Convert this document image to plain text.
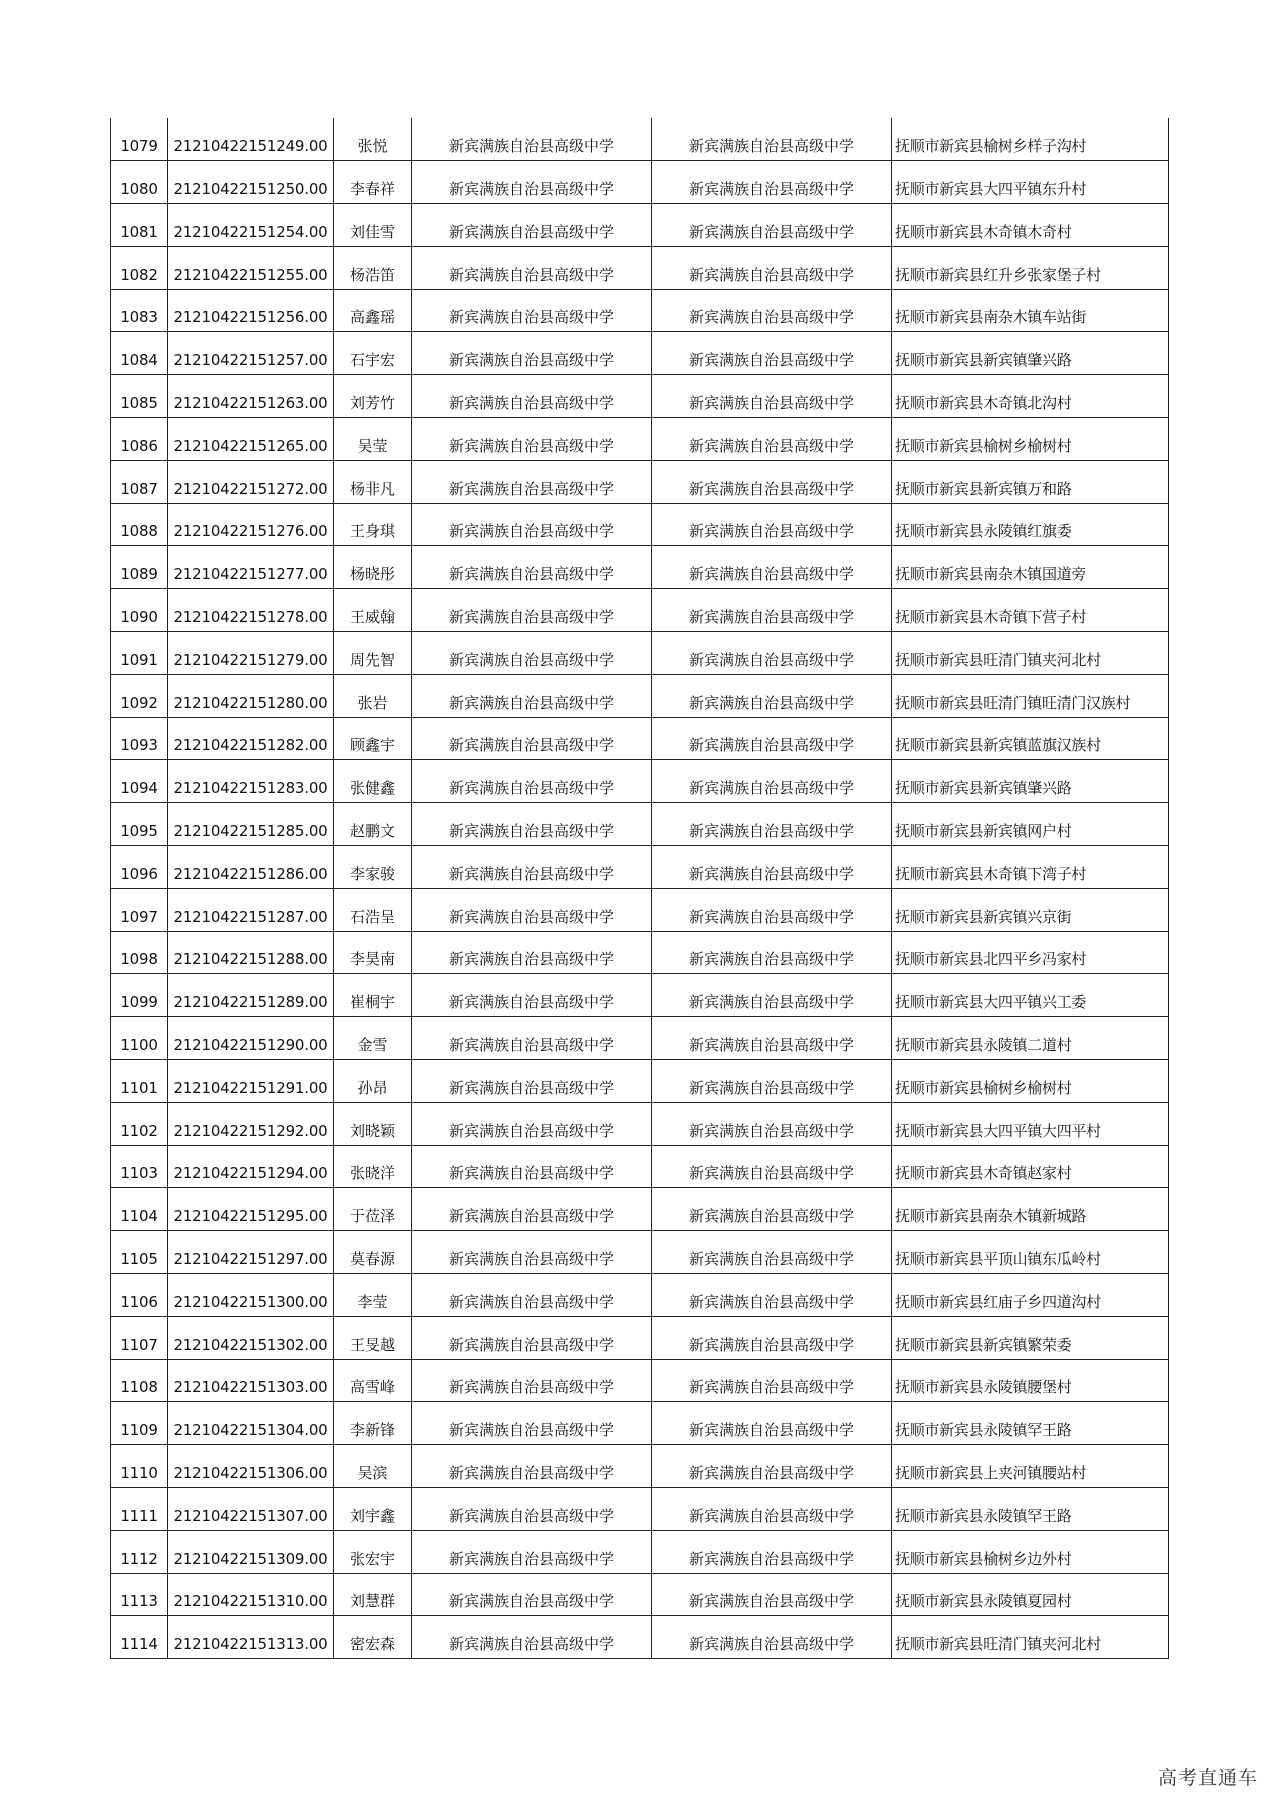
1079	21210422151249.00	张悦	新宾满族自治县高级中学	新宾满族自治县高级中学	抚顺市新宾县榆树乡样子沟村
1080	21210422151250.00	李春祥	新宾满族自治县高级中学	新宾满族自治县高级中学	抚顺市新宾县大四平镇东升村
1081	21210422151254.00	刘佳雪	新宾满族自治县高级中学	新宾满族自治县高级中学	抚顺市新宾县木奇镇木奇村
1082	21210422151255.00	杨浩笛	新宾满族自治县高级中学	新宾满族自治县高级中学	抚顺市新宾县红升乡张家堡子村
1083	21210422151256.00	高鑫瑶	新宾满族自治县高级中学	新宾满族自治县高级中学	抚顺市新宾县南杂木镇车站街
1084	21210422151257.00	石宇宏	新宾满族自治县高级中学	新宾满族自治县高级中学	抚顺市新宾县新宾镇肇兴路
1085	21210422151263.00	刘芳竹	新宾满族自治县高级中学	新宾满族自治县高级中学	抚顺市新宾县木奇镇北沟村
1086	21210422151265.00	吴莹	新宾满族自治县高级中学	新宾满族自治县高级中学	抚顺市新宾县榆树乡榆树村
1087	21210422151272.00	杨非凡	新宾满族自治县高级中学	新宾满族自治县高级中学	抚顺市新宾县新宾镇万和路
1088	21210422151276.00	王身琪	新宾满族自治县高级中学	新宾满族自治县高级中学	抚顺市新宾县永陵镇红旗委
1089	21210422151277.00	杨晓彤	新宾满族自治县高级中学	新宾满族自治县高级中学	抚顺市新宾县南杂木镇国道旁
1090	21210422151278.00	王威翰	新宾满族自治县高级中学	新宾满族自治县高级中学	抚顺市新宾县木奇镇下营子村
1091	21210422151279.00	周先智	新宾满族自治县高级中学	新宾满族自治县高级中学	抚顺市新宾县旺清门镇夹河北村
1092	21210422151280.00	张岩	新宾满族自治县高级中学	新宾满族自治县高级中学	抚顺市新宾县旺清门镇旺清门汉族村
1093	21210422151282.00	顾鑫宇	新宾满族自治县高级中学	新宾满族自治县高级中学	抚顺市新宾县新宾镇蓝旗汉族村
1094	21210422151283.00	张健鑫	新宾满族自治县高级中学	新宾满族自治县高级中学	抚顺市新宾县新宾镇肇兴路
1095	21210422151285.00	赵鹏文	新宾满族自治县高级中学	新宾满族自治县高级中学	抚顺市新宾县新宾镇网户村
1096	21210422151286.00	李家骏	新宾满族自治县高级中学	新宾满族自治县高级中学	抚顺市新宾县木奇镇下湾子村
1097	21210422151287.00	石浩呈	新宾满族自治县高级中学	新宾满族自治县高级中学	抚顺市新宾县新宾镇兴京街
1098	21210422151288.00	李昊南	新宾满族自治县高级中学	新宾满族自治县高级中学	抚顺市新宾县北四平乡冯家村
1099	21210422151289.00	崔桐宇	新宾满族自治县高级中学	新宾满族自治县高级中学	抚顺市新宾县大四平镇兴工委
1100	21210422151290.00	金雪	新宾满族自治县高级中学	新宾满族自治县高级中学	抚顺市新宾县永陵镇二道村
1101	21210422151291.00	孙昂	新宾满族自治县高级中学	新宾满族自治县高级中学	抚顺市新宾县榆树乡榆树村
1102	21210422151292.00	刘晓颖	新宾满族自治县高级中学	新宾满族自治县高级中学	抚顺市新宾县大四平镇大四平村
1103	21210422151294.00	张晓洋	新宾满族自治县高级中学	新宾满族自治县高级中学	抚顺市新宾县木奇镇赵家村
1104	21210422151295.00	于莅泽	新宾满族自治县高级中学	新宾满族自治县高级中学	抚顺市新宾县南杂木镇新城路
1105	21210422151297.00	莫春源	新宾满族自治县高级中学	新宾满族自治县高级中学	抚顺市新宾县平顶山镇东瓜岭村
1106	21210422151300.00	李莹	新宾满族自治县高级中学	新宾满族自治县高级中学	抚顺市新宾县红庙子乡四道沟村
1107	21210422151302.00	王旻越	新宾满族自治县高级中学	新宾满族自治县高级中学	抚顺市新宾县新宾镇繁荣委
1108	21210422151303.00	高雪峰	新宾满族自治县高级中学	新宾满族自治县高级中学	抚顺市新宾县永陵镇腰堡村
1109	21210422151304.00	李新锋	新宾满族自治县高级中学	新宾满族自治县高级中学	抚顺市新宾县永陵镇罕王路
1110	21210422151306.00	吴滨	新宾满族自治县高级中学	新宾满族自治县高级中学	抚顺市新宾县上夹河镇腰站村
1111	21210422151307.00	刘宇鑫	新宾满族自治县高级中学	新宾满族自治县高级中学	抚顺市新宾县永陵镇罕王路
1112	21210422151309.00	张宏宇	新宾满族自治县高级中学	新宾满族自治县高级中学	抚顺市新宾县榆树乡边外村
1113	21210422151310.00	刘慧群	新宾满族自治县高级中学	新宾满族自治县高级中学	抚顺市新宾县永陵镇夏园村
1114	21210422151313.00	密宏森	新宾满族自治县高级中学	新宾满族自治县高级中学	抚顺市新宾县旺清门镇夹河北村
高考直通车
